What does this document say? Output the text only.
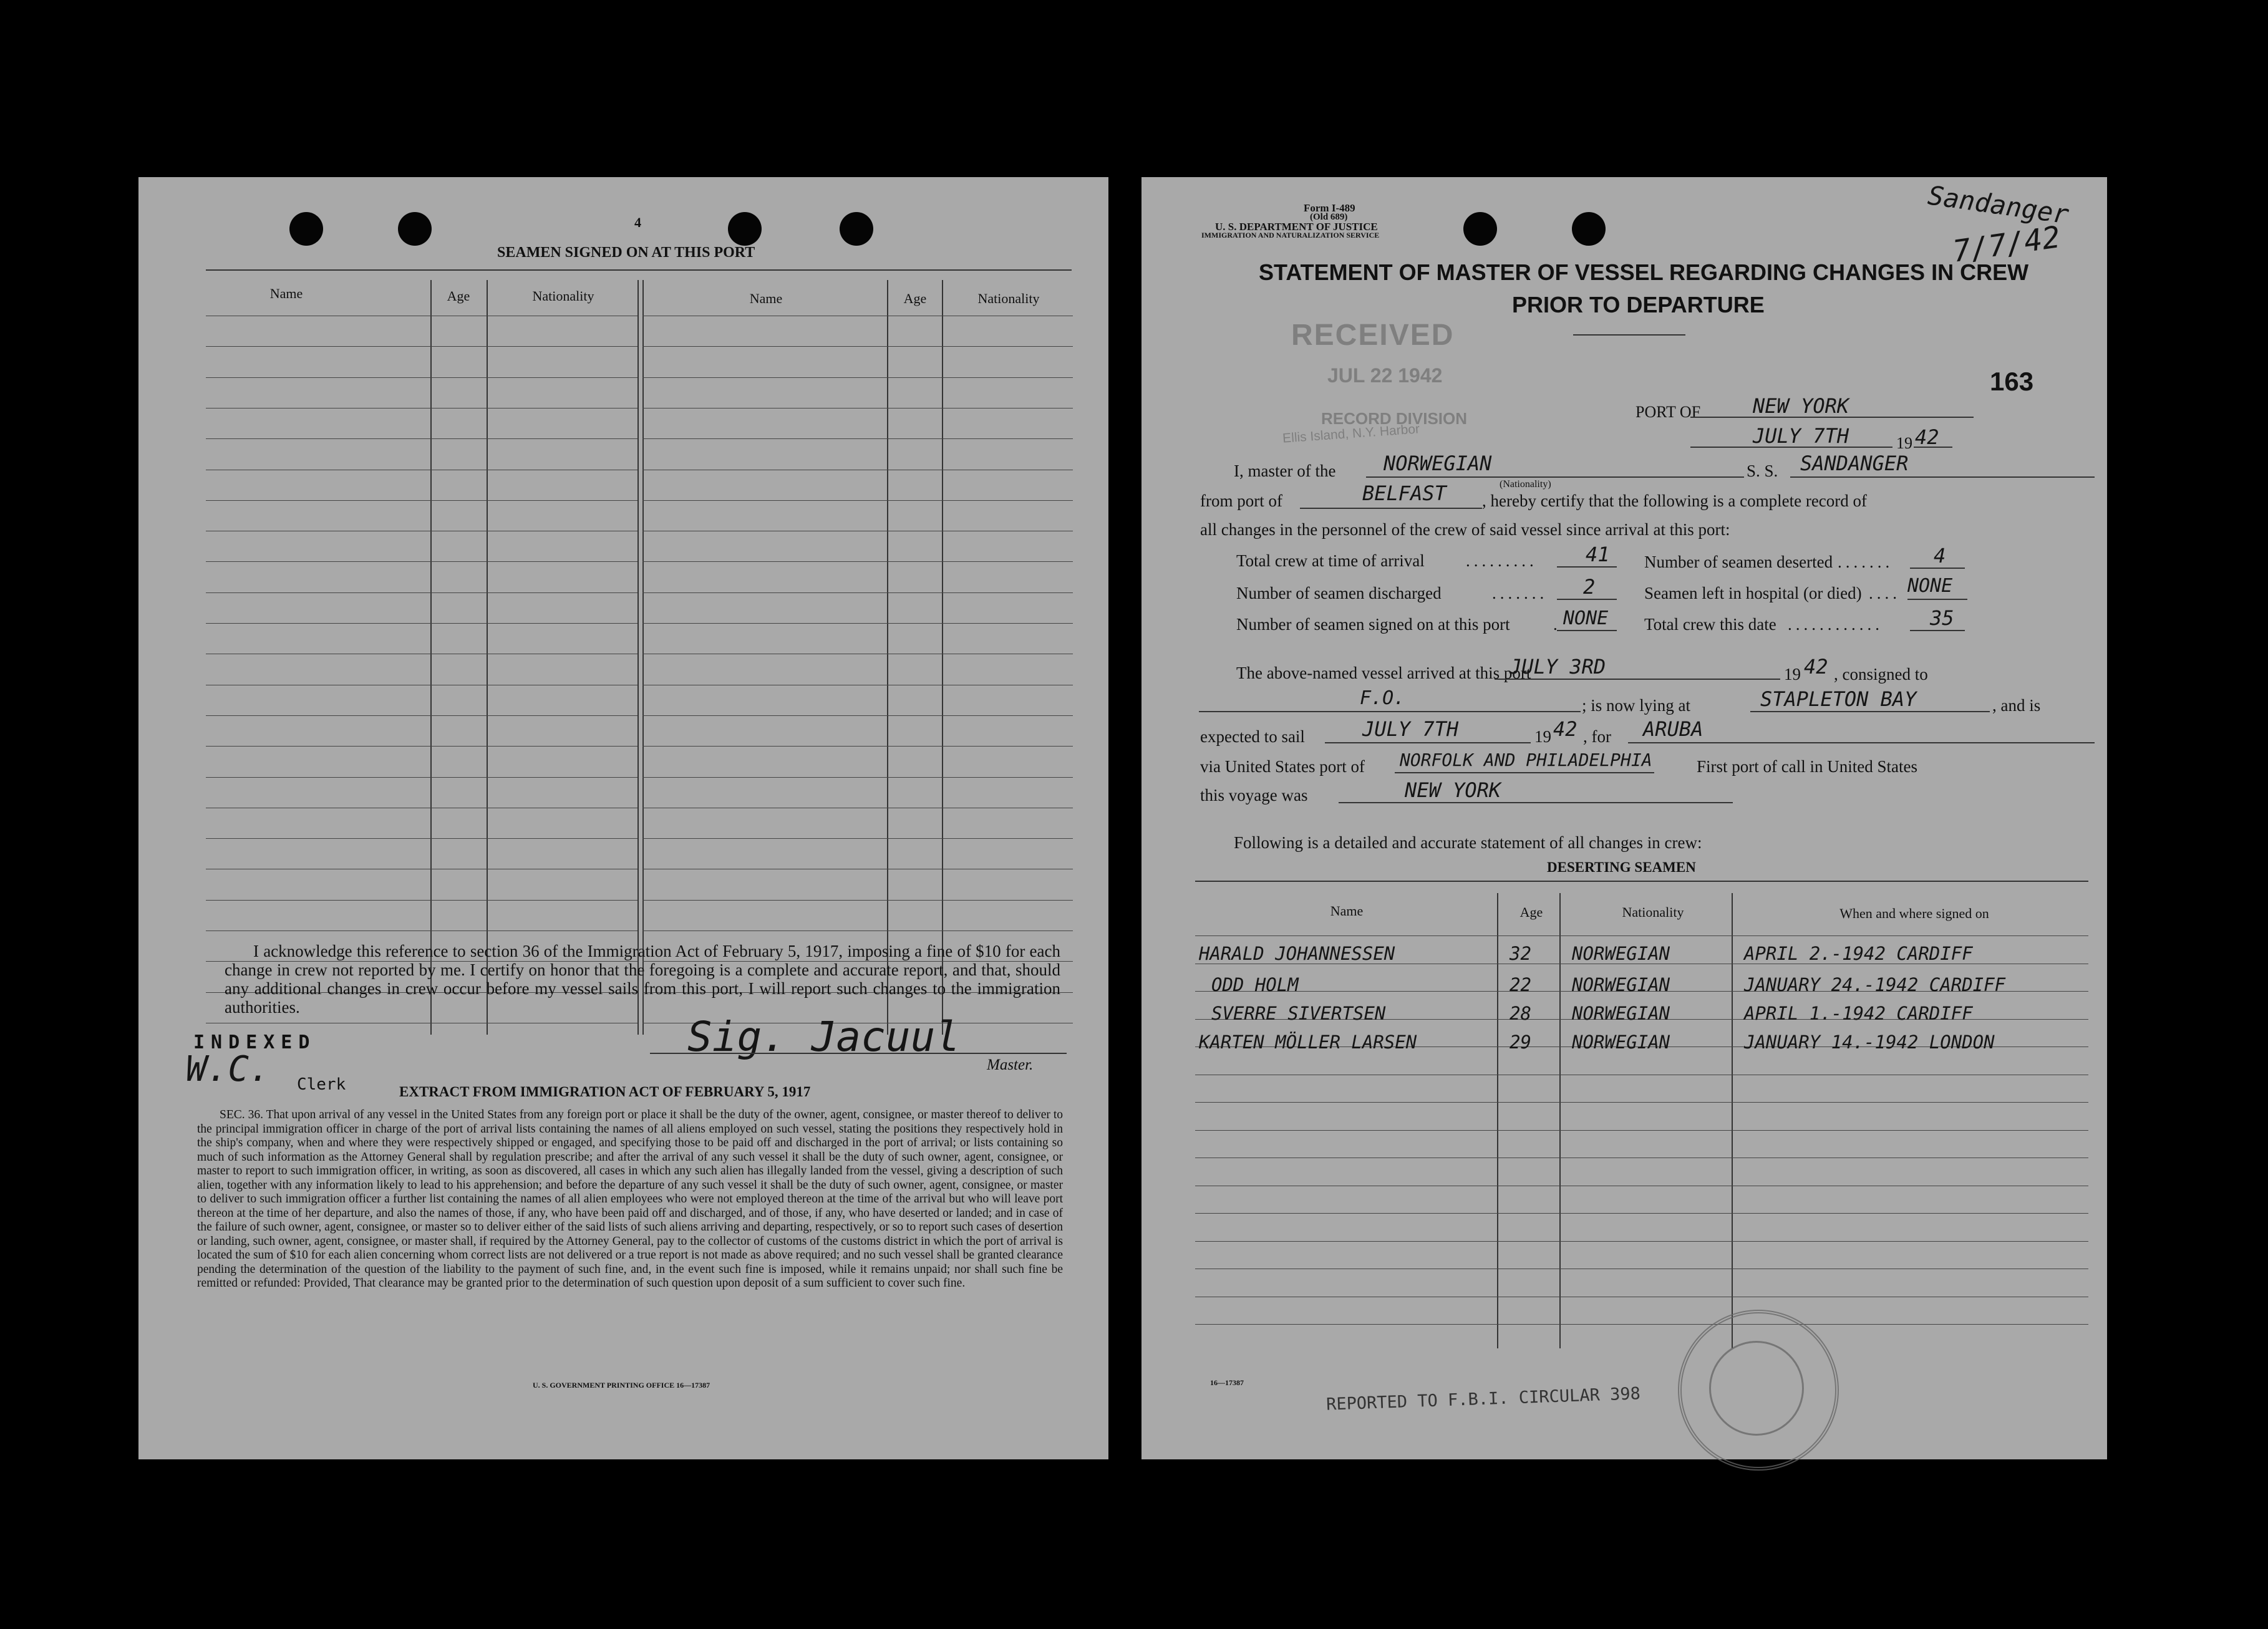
4
SEAMEN SIGNED ON AT THIS PORT
Name	Age	Nationality	Name	Age	Nationality
I acknowledge this reference to section 36 of the Immigration Act of February 5, 1917, imposing a fine of $10 for each change in crew not reported by me. I certify on honor that the foregoing is a complete and accurate report, and that, should any additional changes in crew occur before my vessel sails from this port, I will report such changes to the immigration authorities.
INDEXED
W.C. Clerk
Sig. Jacuul
Master.
EXTRACT FROM IMMIGRATION ACT OF FEBRUARY 5, 1917
SEC. 36. That upon arrival of any vessel in the United States from any foreign port or place it shall be the duty of the owner, agent, consignee, or master thereof to deliver to the principal immigration officer in charge of the port of arrival lists containing the names of all aliens employed on such vessel, stating the positions they respectively hold in the ship's company, when and where they were respectively shipped or engaged, and specifying those to be paid off and discharged in the port of arrival; or lists containing so much of such information as the Attorney General shall by regulation prescribe; and after the arrival of any such vessel it shall be the duty of such owner, agent, consignee, or master to report to such immigration officer, in writing, as soon as discovered, all cases in which any such alien has illegally landed from the vessel, giving a description of such alien, together with any information likely to lead to his apprehension; and before the departure of any such vessel it shall be the duty of such owner, agent, consignee, or master to deliver to such immigration officer a further list containing the names of all alien employees who were not employed thereon at the time of the arrival but who will leave port thereon at the time of her departure, and also the names of those, if any, who have been paid off and discharged, and of those, if any, who have deserted or landed; and in case of the failure of such owner, agent, consignee, or master so to deliver either of the said lists of such aliens arriving and departing, respectively, or so to report such cases of desertion or landing, such owner, agent, consignee, or master shall, if required by the Attorney General, pay to the collector of customs of the customs district in which the port of arrival is located the sum of $10 for each alien concerning whom correct lists are not delivered or a true report is not made as above required; and no such vessel shall be granted clearance pending the determination of the question of the liability to the payment of such fine, and, in the event such fine is imposed, while it remains unpaid; nor shall such fine be remitted or refunded: Provided, That clearance may be granted prior to the determination of such question upon deposit of a sum sufficient to cover such fine.
U. S. GOVERNMENT PRINTING OFFICE 16—17387
Form I-489
(Old 689)
U. S. DEPARTMENT OF JUSTICE
IMMIGRATION AND NATURALIZATION SERVICE
Sandanger
7/7/42
STATEMENT OF MASTER OF VESSEL REGARDING CHANGES IN CREW
PRIOR TO DEPARTURE
RECEIVED
JUL 22 1942
RECORD DIVISION
Ellis Island, N.Y. Harbor
163
PORT OF	NEW YORK
JULY 7TH	19 42
I, master of the NORWEGIAN
(Nationality)
S. S. SANDANGER
from port of	BELFAST , hereby certify that the following is a complete record of
all changes in the personnel of the crew of said vessel since arrival at this port:
Total crew at time of arrival ......... 41 Number of seamen deserted ....... 4
Number of seamen discharged	....... 2	Seamen left in hospital (or died) .... NONE
Number of seamen signed on at this port	. NONE Total crew this date ............ 35
The above-named vessel arrived at this port
JULY 3RD	19 42 , consigned to
F.O.	; is now lying at	STAPLETON BAY	, and is
expected to sail	JULY 7TH	19 42 , for ARUBA
via United States port of NORFOLK AND PHILADELPHIA	First port of call in United States
this voyage was	NEW YORK
Following is a detailed and accurate statement of all changes in crew:
DESERTING SEAMEN
Name	Age	Nationality	When and where signed on
HARALD JOHANNESSEN	32 NORWEGIAN	APRIL 2.-1942 CARDIFF
ODD HOLM	22 NORWEGIAN	JANUARY 24.-1942 CARDIFF
SVERRE SIVERTSEN	28 NORWEGIAN	APRIL 1.-1942 CARDIFF
KARTEN MÖLLER LARSEN	29 NORWEGIAN	JANUARY 14.-1942 LONDON
16—17387
REPORTED TO F.B.I. CIRCULAR 398
